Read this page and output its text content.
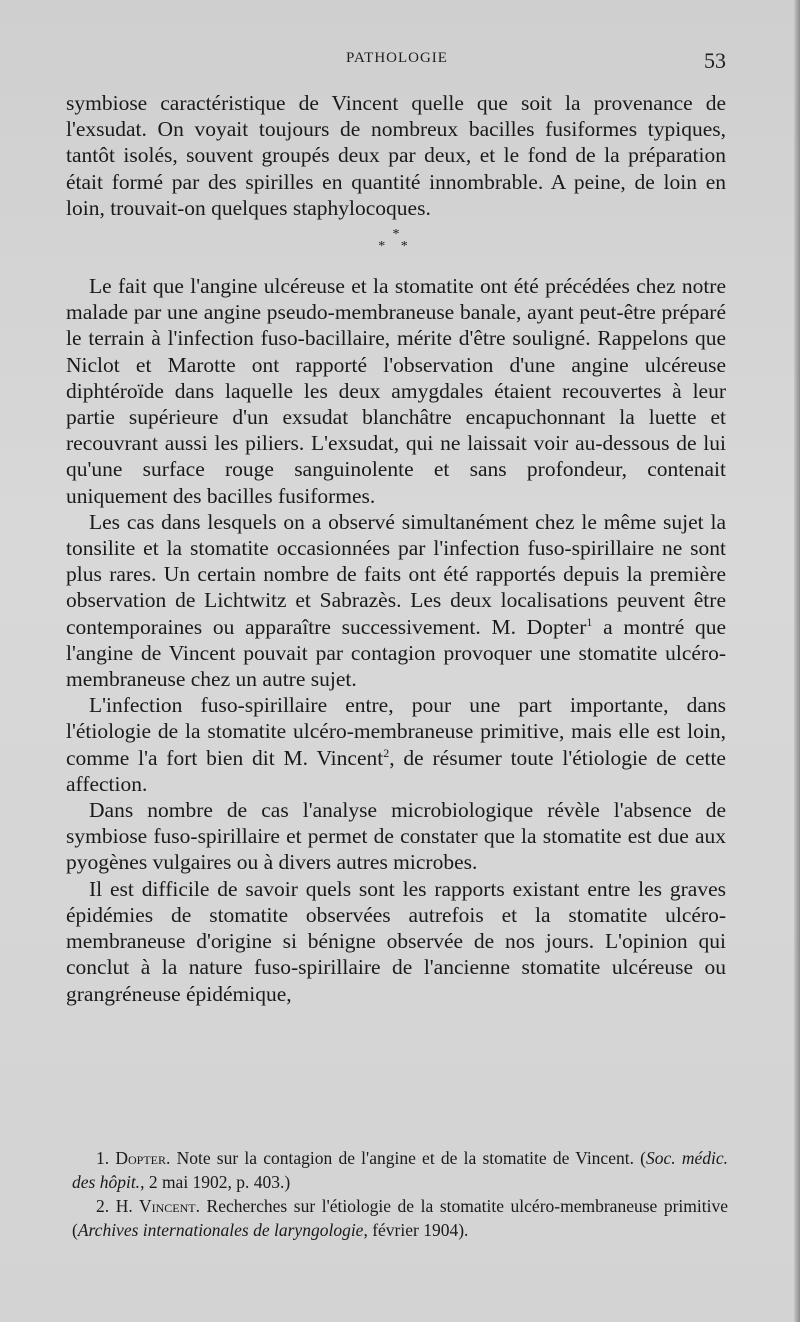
PATHOLOGIE	53

symbiose caractéristique de Vincent quelle que soit la provenance de l'exsudat. On voyait toujours de nombreux bacilles fusiformes typiques, tantôt isolés, souvent groupés deux par deux, et le fond de la préparation était formé par des spirilles en quantité innombrable. A peine, de loin en loin, trouvait-on quelques staphylocoques.

*
* *

Le fait que l'angine ulcéreuse et la stomatite ont été précédées chez notre malade par une angine pseudo-membraneuse banale, ayant peut-être préparé le terrain à l'infection fuso-bacillaire, mérite d'être souligné. Rappelons que Niclot et Marotte ont rapporté l'observation d'une angine ulcéreuse diphtéroïde dans laquelle les deux amygdales étaient recouvertes à leur partie supérieure d'un exsudat blanchâtre encapuchonnant la luette et recouvrant aussi les piliers. L'exsudat, qui ne laissait voir au-dessous de lui qu'une surface rouge sanguinolente et sans profondeur, contenait uniquement des bacilles fusiformes.

Les cas dans lesquels on a observé simultanément chez le même sujet la tonsilite et la stomatite occasionnées par l'infection fuso-spirillaire ne sont plus rares. Un certain nombre de faits ont été rapportés depuis la première observation de Lichtwitz et Sabrazès. Les deux localisations peuvent être contemporaines ou apparaître successivement. M. Dopter$^1$ a montré que l'angine de Vincent pouvait par contagion provoquer une stomatite ulcéro-membraneuse chez un autre sujet.

L'infection fuso-spirillaire entre, pour une part importante, dans l'étiologie de la stomatite ulcéro-membraneuse primitive, mais elle est loin, comme l'a fort bien dit M. Vincent$^2$, de résumer toute l'étiologie de cette affection.

Dans nombre de cas l'analyse microbiologique révèle l'absence de symbiose fuso-spirillaire et permet de constater que la stomatite est due aux pyogènes vulgaires ou à divers autres microbes.

Il est difficile de savoir quels sont les rapports existant entre les graves épidémies de stomatite observées autrefois et la stomatite ulcéro-membraneuse d'origine si bénigne observée de nos jours. L'opinion qui conclut à la nature fuso-spirillaire de l'ancienne stomatite ulcéreuse ou grangréneuse épidémique,

1. Dopter. Note sur la contagion de l'angine et de la stomatite de Vincent. (Soc. médic. des hôpit., 2 mai 1902, p. 403.)

2. H. Vincent. Recherches sur l'étiologie de la stomatite ulcéro-membraneuse primitive (Archives internationales de laryngologie, février 1904).
